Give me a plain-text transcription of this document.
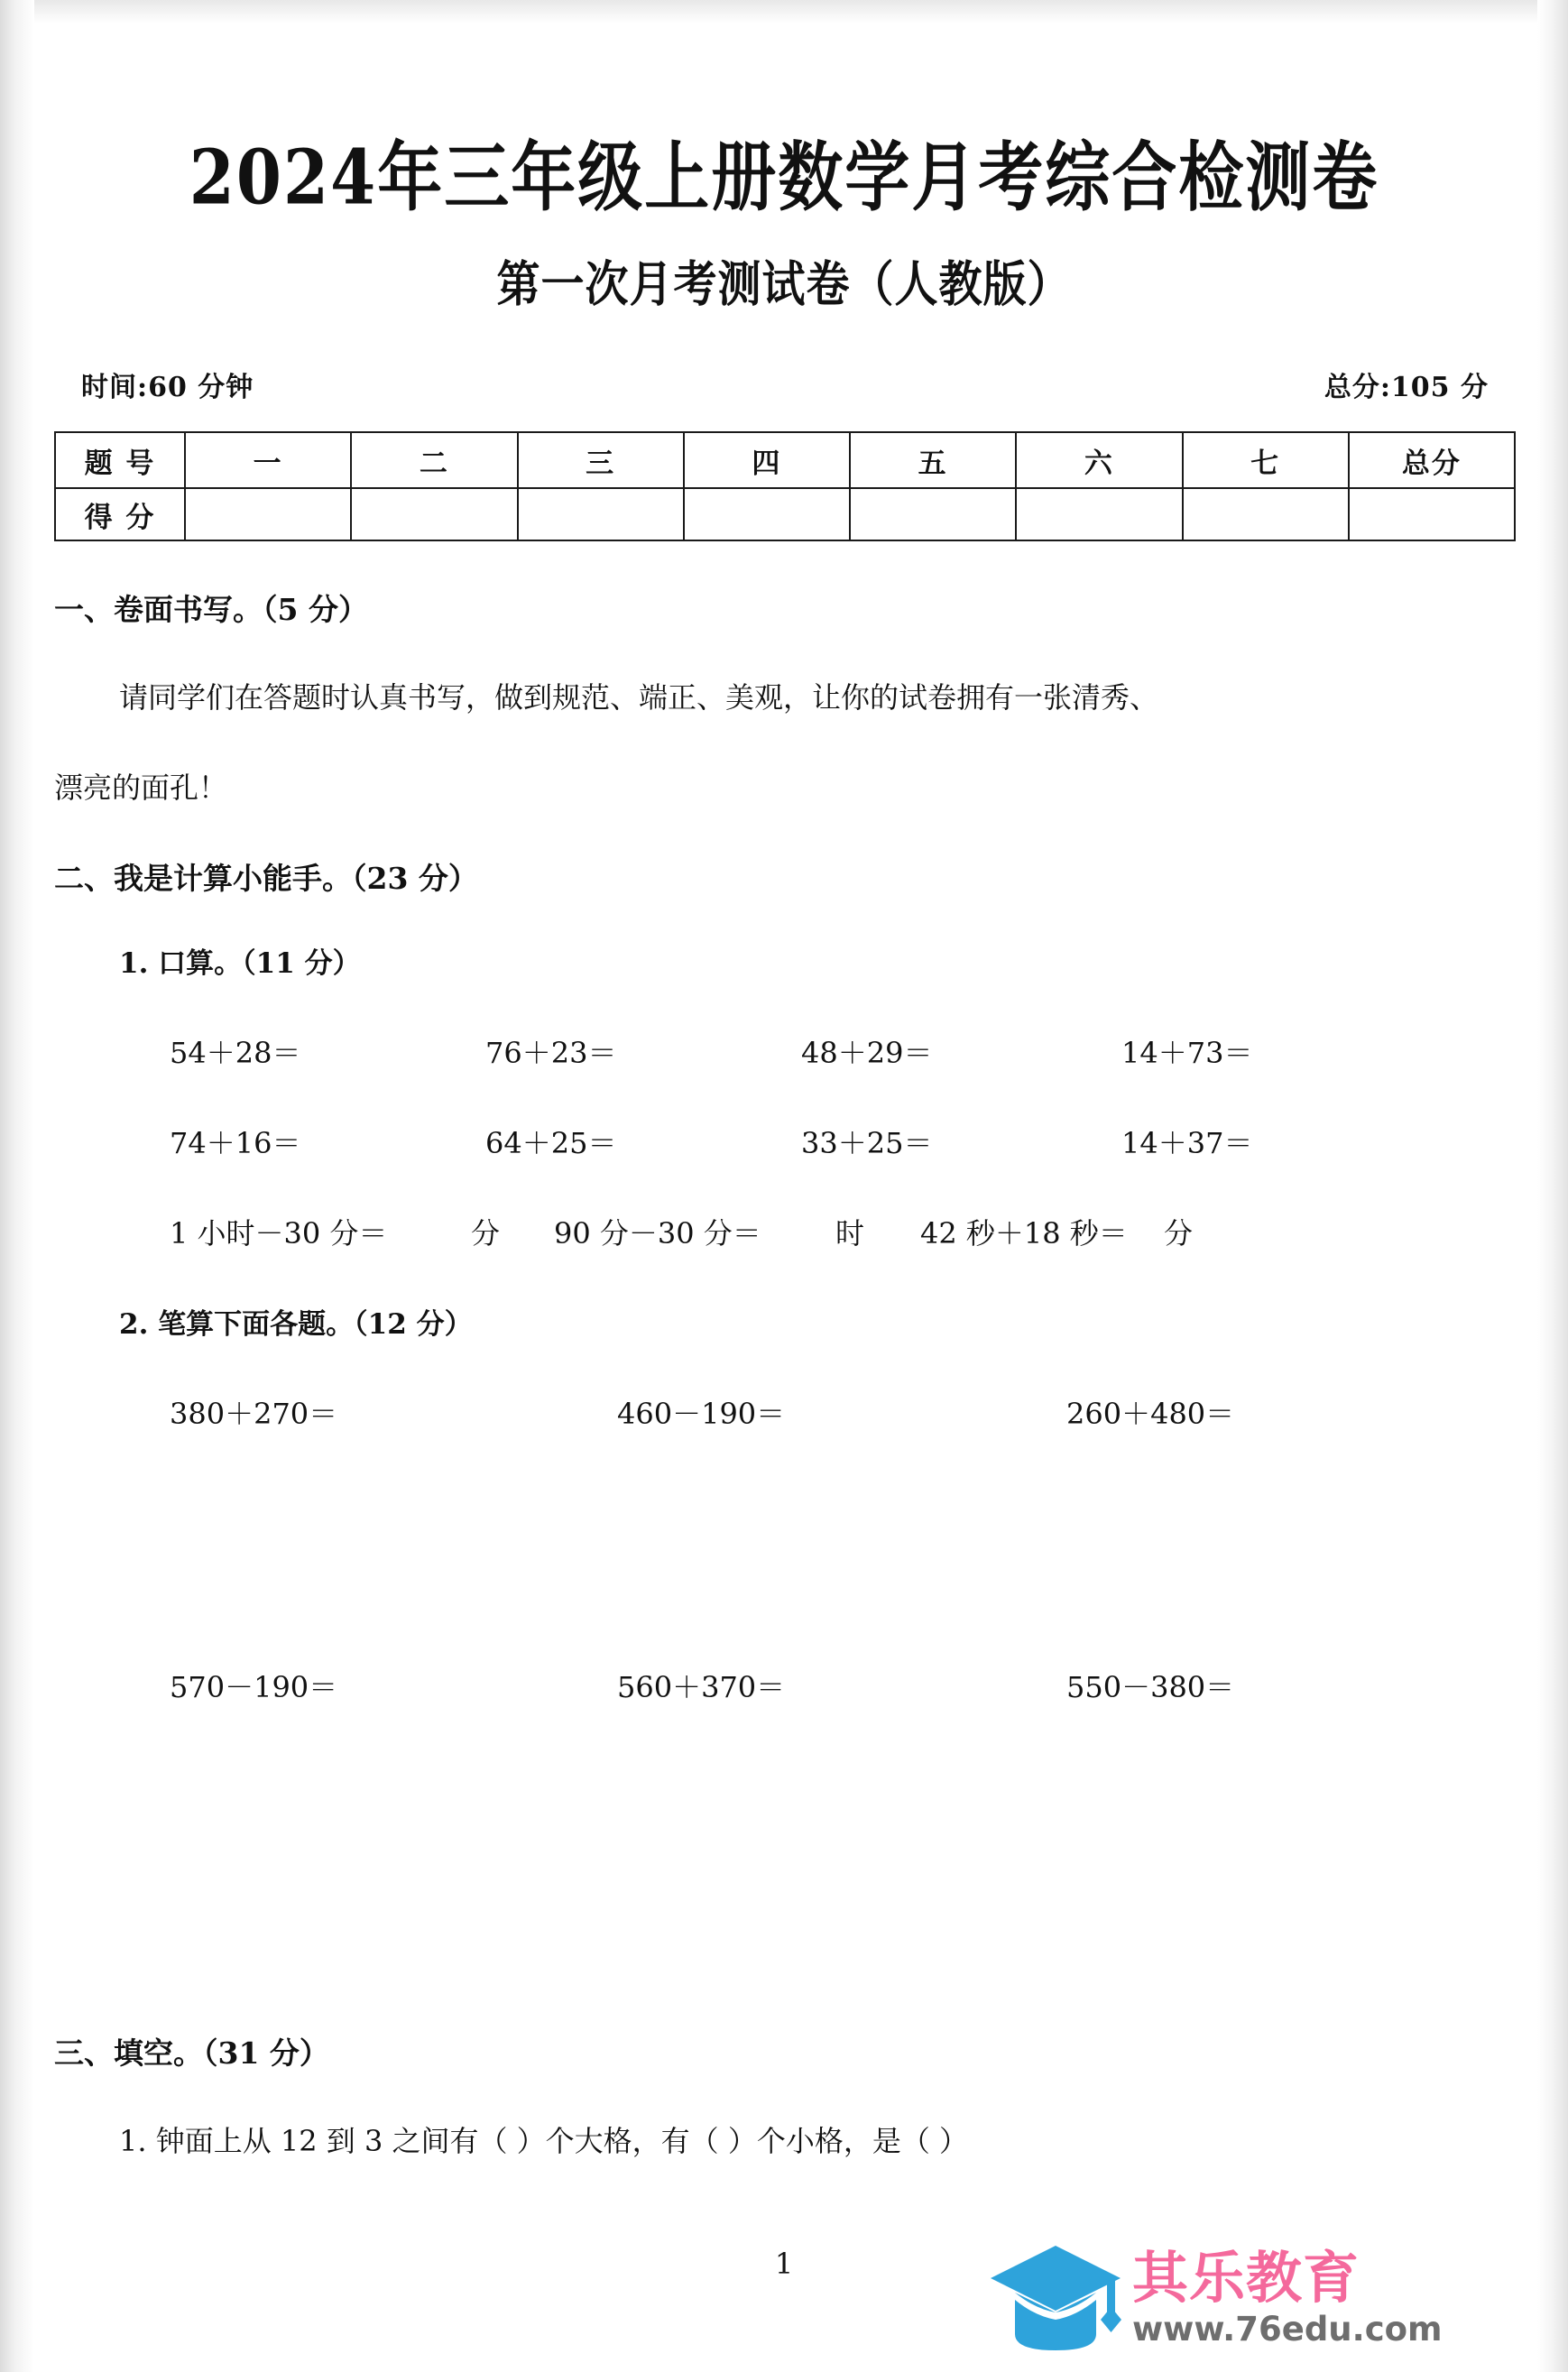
2024年三年级上册数学月考综合检测卷
第一次月考测试卷（人教版）
时间:60 分钟	总分:105 分
题 号	一	二	三	四	五	六	七	总分
得 分								
一、卷面书写。（5 分）
请同学们在答题时认真书写，做到规范、端正、美观，让你的试卷拥有一张清秀、
漂亮的面孔！
二、我是计算小能手。（23 分）
1. 口算。（11 分）
54＋28＝	76＋23＝	48＋29＝	14＋73＝
74＋16＝	64＋25＝	33＋25＝	14＋37＝
1 小时－30 分＝	分	90 分－30 分＝	时	42 秒＋18 秒＝	分
2. 笔算下面各题。（12 分）
380＋270＝	460－190＝	260＋480＝
570－190＝	560＋370＝	550－380＝
三、填空。（31 分）
1. 钟面上从 12 到 3 之间有（ ）个大格，有（ ）个小格，是（ ）
1	其乐教育
www.76edu.com
